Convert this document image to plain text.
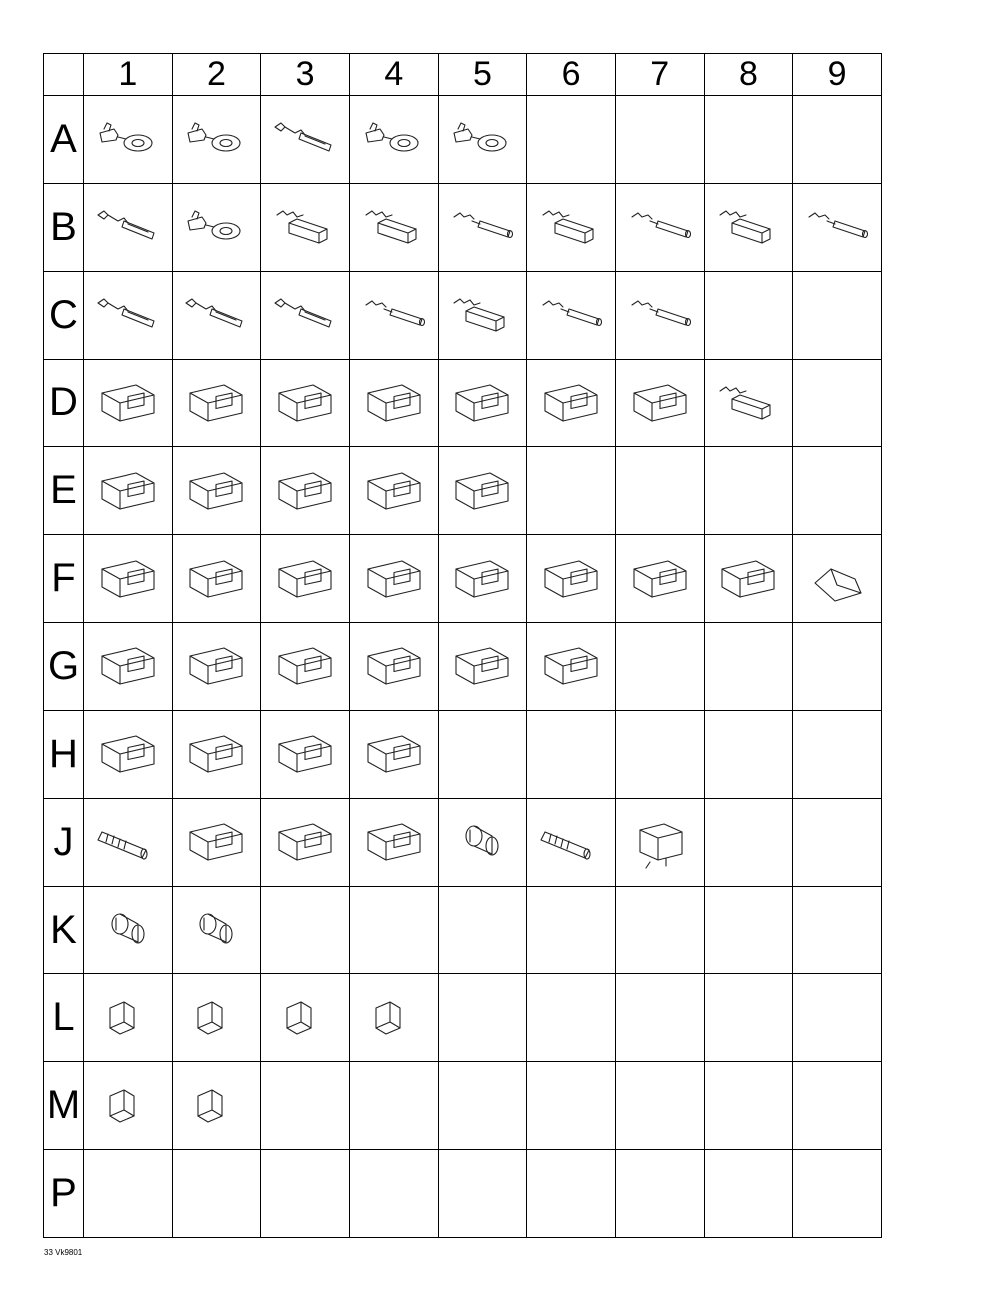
	1	2	3	4	5	6	7	8	9
A	

B	

C	

D	

E	

F	

G	

H	

J	

K	

L	

M	

P									
33 Vk9801
